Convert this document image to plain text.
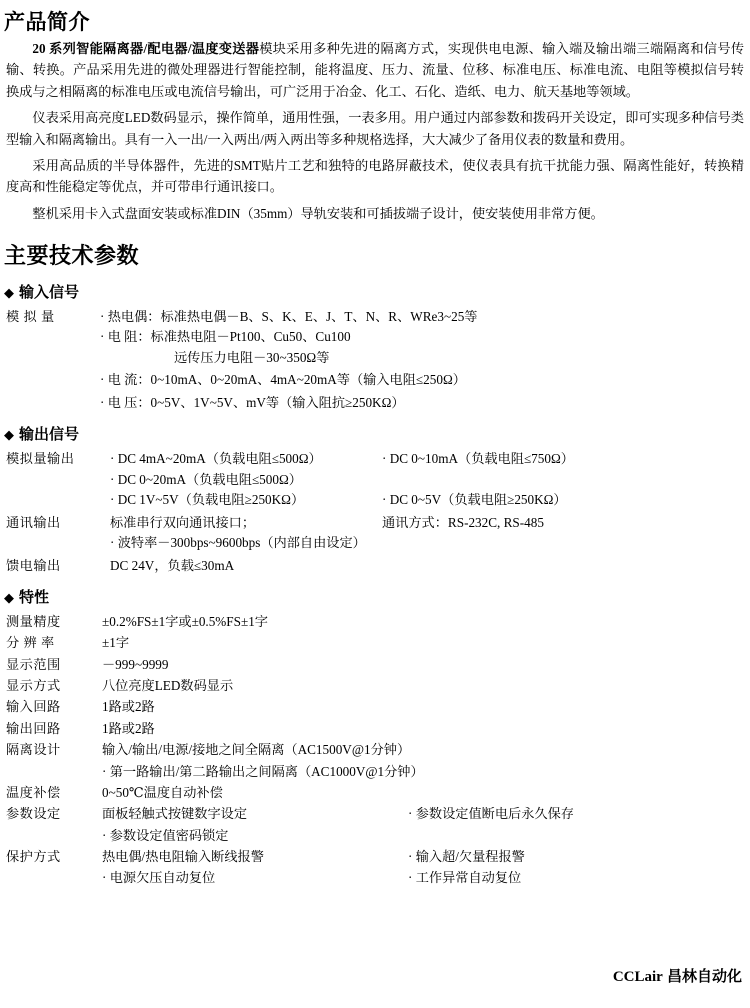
产品简介

20 系列智能隔离器/配电器/温度变送器模块采用多种先进的隔离方式，实现供电电源、输入端及输出端三端隔离和信号传输、转换。产品采用先进的微处理器进行智能控制，能将温度、压力、流量、位移、标准电压、标准电流、电阻等模拟信号转换成与之相隔离的标准电压或电流信号输出，可广泛用于冶金、化工、石化、造纸、电力、航天基地等领域。

仪表采用高亮度LED数码显示，操作简单，通用性强，一表多用。用户通过内部参数和拨码开关设定，即可实现多种信号类型输入和隔离输出。具有一入一出/一入两出/两入两出等多种规格选择，大大减少了备用仪表的数量和费用。

采用高品质的半导体器件，先进的SMT贴片工艺和独特的电路屏蔽技术，使仪表具有抗干扰能力强、隔离性能好，转换精度高和性能稳定等优点，并可带串行通讯接口。

整机采用卡入式盘面安装或标准DIN（35mm）导轨安装和可插拔端子设计，使安装使用非常方便。

主要技术参数
◆ 输入信号
模 拟 量	· 热电偶：标准热电偶－B、S、K、E、J、T、N、R、WRe3~25等
· 电 阻：标准热电阻－Pt100、Cu50、Cu100
远传压力电阻－30~350Ω等

	· 电 流：0~10mA、0~20mA、4mA~20mA等（输入电阻≤250Ω）
	· 电 压：0~5V、1V~5V、mV等（输入阻抗≥250KΩ）
◆ 输出信号
模拟量输出	· DC 4mA~20mA（负载电阻≤500Ω） · DC 0~10mA（负载电阻≤750Ω）
· DC 0~20mA（负载电阻≤500Ω）
· DC 1V~5V（负载电阻≥250KΩ） · DC 0~5V（负载电阻≥250KΩ）

通讯输出	标准串行双向通讯接口； 通讯方式：RS-232C, RS-485
· 波特率－300bps~9600bps（内部自由设定）

馈电输出	DC 24V，负载≤30mA
◆ 特性
测量精度	±0.2%FS±1字或±0.5%FS±1字
分 辨 率	±1字
显示范围	－999~9999
显示方式	八位亮度LED数码显示
输入回路	1路或2路
输出回路	1路或2路
隔离设计	输入/输出/电源/接地之间全隔离（AC1500V@1分钟）
· 第一路输出/第二路输出之间隔离（AC1000V@1分钟）
温度补偿	0~50℃温度自动补偿
参数设定	面板轻触式按键数字设定	· 参数设定值断电后永久保存
· 参数设定值密码锁定
保护方式	热电偶/热电阻输入断线报警	· 输入超/欠量程报警
· 电源欠压自动复位	· 工作异常自动复位
CCLair 昌林自动化
